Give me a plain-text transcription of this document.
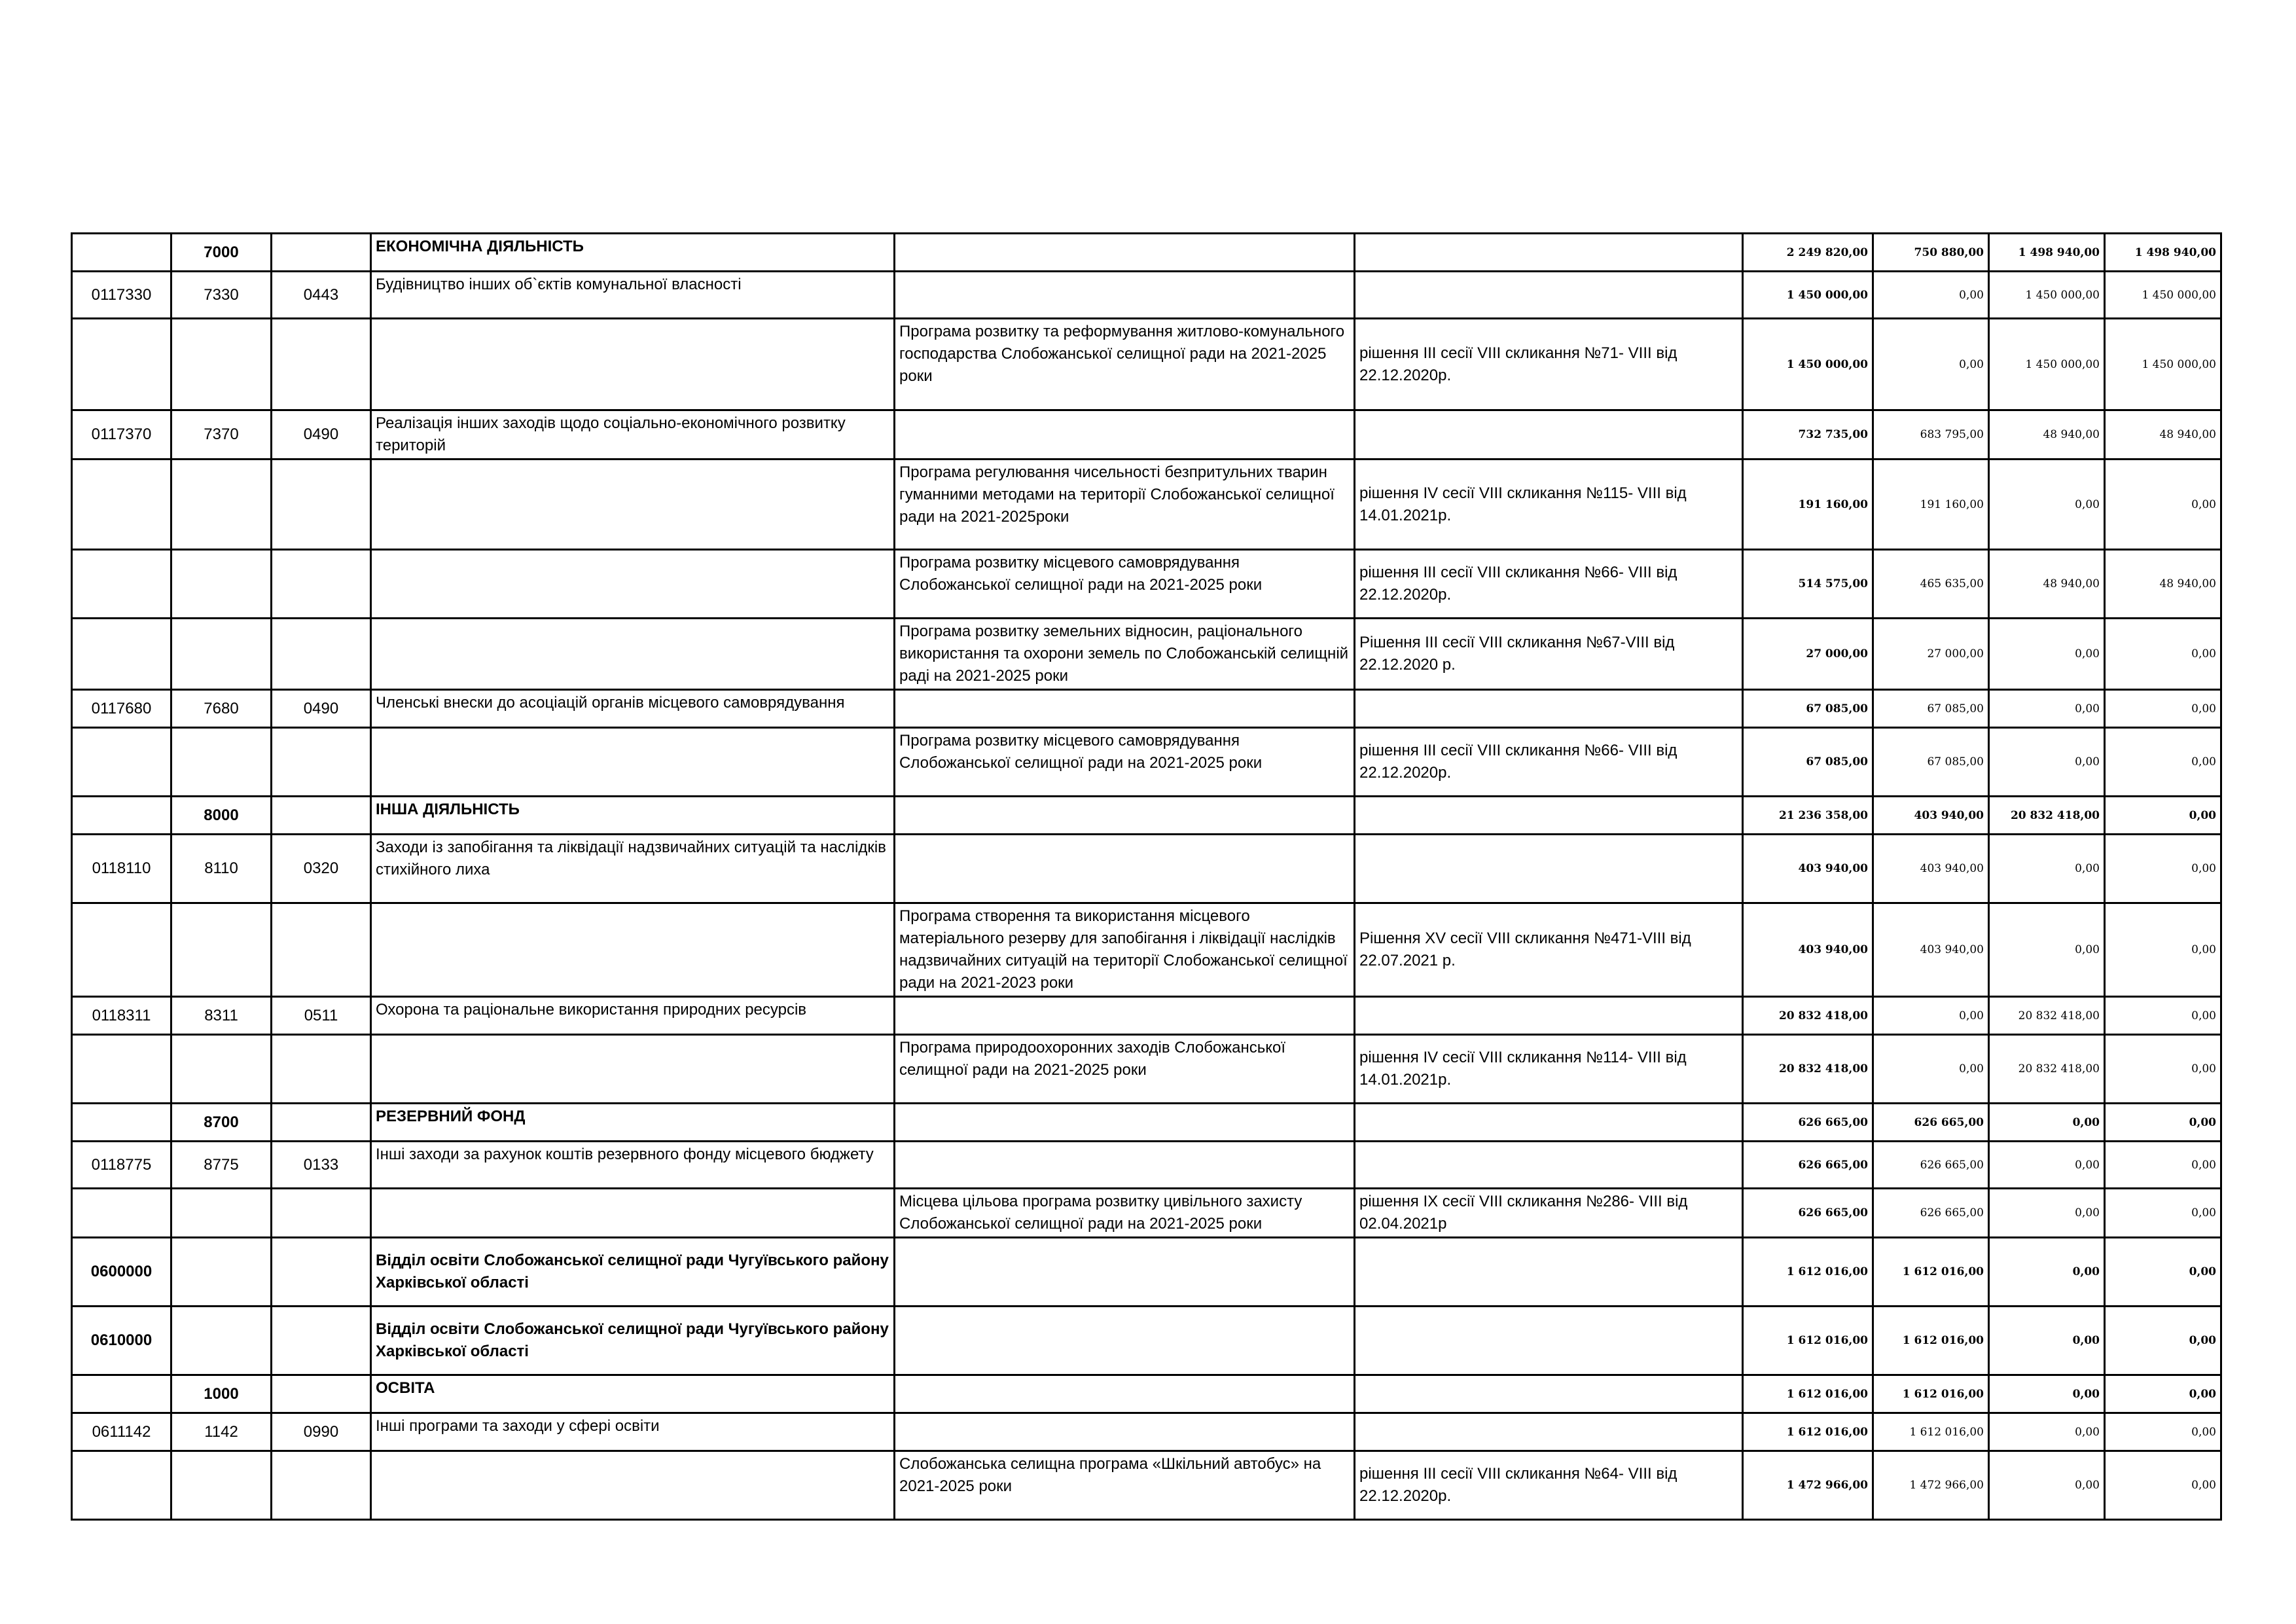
	7000		ЕКОНОМІЧНА ДІЯЛЬНІСТЬ			2 249 820,00	750 880,00	1 498 940,00	1 498 940,00
0117330	7330	0443	Будівництво інших об`єктів комунальної власності			1 450 000,00	0,00	1 450 000,00	1 450 000,00
				Програма розвитку та реформування житлово-комунального господарства Слобожанської селищної ради на 2021-2025 роки	рішення ІІІ сесії VIII скликання №71- VIII від 22.12.2020р.	1 450 000,00	0,00	1 450 000,00	1 450 000,00
0117370	7370	0490	Реалізація інших заходів щодо соціально-економічного розвитку територій			732 735,00	683 795,00	48 940,00	48 940,00
				Програма регулювання чисельності безпритульних тварин гуманними методами на території Слобожанської селищної ради на 2021-2025роки	рішення IV сесії VIII скликання №115- VIII від 14.01.2021р.	191 160,00	191 160,00	0,00	0,00
				Програма розвитку місцевого самоврядування Слобожанської селищної ради на 2021-2025 роки	рішення ІІІ сесії VIII скликання №66- VIII від 22.12.2020р.	514 575,00	465 635,00	48 940,00	48 940,00
				Програма розвитку земельних відносин, раціонального використання та охорони земель по Слобожанській селищній раді на 2021-2025 роки	Рішення ІІІ сесії VIII скликання №67-VIII від 22.12.2020 р.	27 000,00	27 000,00	0,00	0,00
0117680	7680	0490	Членські внески до асоціацій органів місцевого самоврядування			67 085,00	67 085,00	0,00	0,00
				Програма розвитку місцевого самоврядування Слобожанської селищної ради на 2021-2025 роки	рішення ІІІ сесії VIII скликання №66- VIII від 22.12.2020р.	67 085,00	67 085,00	0,00	0,00
	8000		ІНША ДІЯЛЬНІСТЬ			21 236 358,00	403 940,00	20 832 418,00	0,00
0118110	8110	0320	Заходи із запобігання та ліквідації надзвичайних ситуацій та наслідків стихійного лиха			403 940,00	403 940,00	0,00	0,00
				Програма створення та використання місцевого матеріального резерву для запобігання і ліквідації наслідків надзвичайних ситуацій на території Слобожанської селищної ради на 2021-2023 роки	Рішення XV сесії VIII скликання №471-VIII від 22.07.2021 р.	403 940,00	403 940,00	0,00	0,00
0118311	8311	0511	Охорона та раціональне використання природних ресурсів			20 832 418,00	0,00	20 832 418,00	0,00
				Програма природоохоронних заходів Слобожанської селищної ради на 2021-2025 роки	рішення IV сесії VIII скликання №114- VIII від 14.01.2021р.	20 832 418,00	0,00	20 832 418,00	0,00
	8700		РЕЗЕРВНИЙ ФОНД			626 665,00	626 665,00	0,00	0,00
0118775	8775	0133	Інші заходи за рахунок коштів резервного фонду місцевого бюджету			626 665,00	626 665,00	0,00	0,00
				Місцева цільова програма розвитку цивільного захисту Слобожанської селищної ради на 2021-2025 роки	рішення IX сесії VIII скликання №286- VIII від 02.04.2021р	626 665,00	626 665,00	0,00	0,00
0600000			Відділ освіти Слобожанської селищної ради Чугуївського району Харківської області			1 612 016,00	1 612 016,00	0,00	0,00
0610000			Відділ освіти Слобожанської селищної ради Чугуївського району Харківської області			1 612 016,00	1 612 016,00	0,00	0,00
	1000		ОСВІТА			1 612 016,00	1 612 016,00	0,00	0,00
0611142	1142	0990	Інші програми та заходи у сфері освіти			1 612 016,00	1 612 016,00	0,00	0,00
				Слобожанська селищна програма «Шкільний автобус» на 2021-2025 роки	рішення ІІІ сесії VIII скликання №64- VIII від 22.12.2020р.	1 472 966,00	1 472 966,00	0,00	0,00
